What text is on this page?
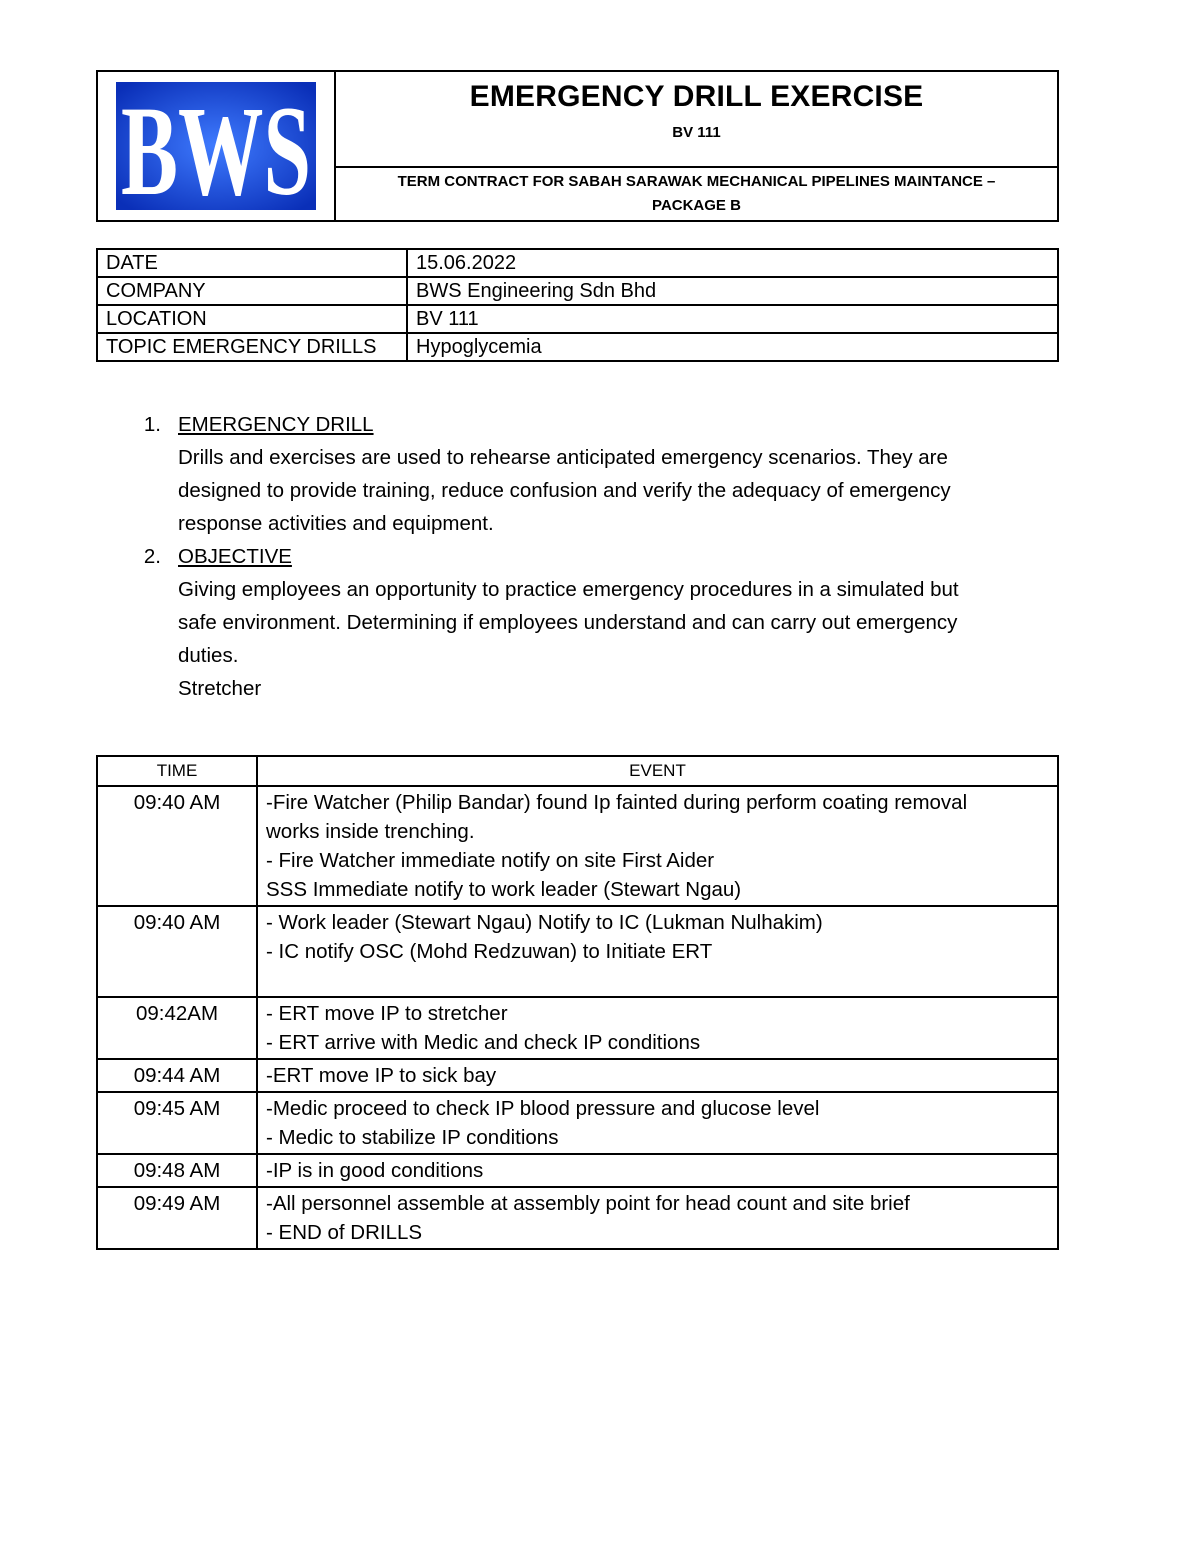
BWS	EMERGENCY DRILL EXERCISE
BV 111
TERM CONTRACT FOR SABAH SARAWAK MECHANICAL PIPELINES MAINTANCE – PACKAGE B
DATE	15.06.2022
COMPANY	BWS Engineering Sdn Bhd
LOCATION	BV 111
TOPIC EMERGENCY DRILLS	Hypoglycemia
1. EMERGENCY DRILL
Drills and exercises are used to rehearse anticipated emergency scenarios. They are
designed to provide training, reduce confusion and verify the adequacy of emergency
response activities and equipment.
2. OBJECTIVE
Giving employees an opportunity to practice emergency procedures in a simulated but
safe environment. Determining if employees understand and can carry out emergency
duties.
Stretcher
TIME	EVENT
09:40 AM	-Fire Watcher (Philip Bandar) found Ip fainted during perform coating removal
works inside trenching.
- Fire Watcher immediate notify on site First Aider
SSS Immediate notify to work leader (Stewart Ngau)

09:40 AM	- Work leader (Stewart Ngau) Notify to IC (Lukman Nulhakim)
- IC notify OSC (Mohd Redzuwan) to Initiate ERT

09:42AM	- ERT move IP to stretcher
- ERT arrive with Medic and check IP conditions

09:44 AM	-ERT move IP to sick bay

09:45 AM	-Medic proceed to check IP blood pressure and glucose level
- Medic to stabilize IP conditions

09:48 AM	-IP is in good conditions

09:49 AM	-All personnel assemble at assembly point for head count and site brief
- END of DRILLS
